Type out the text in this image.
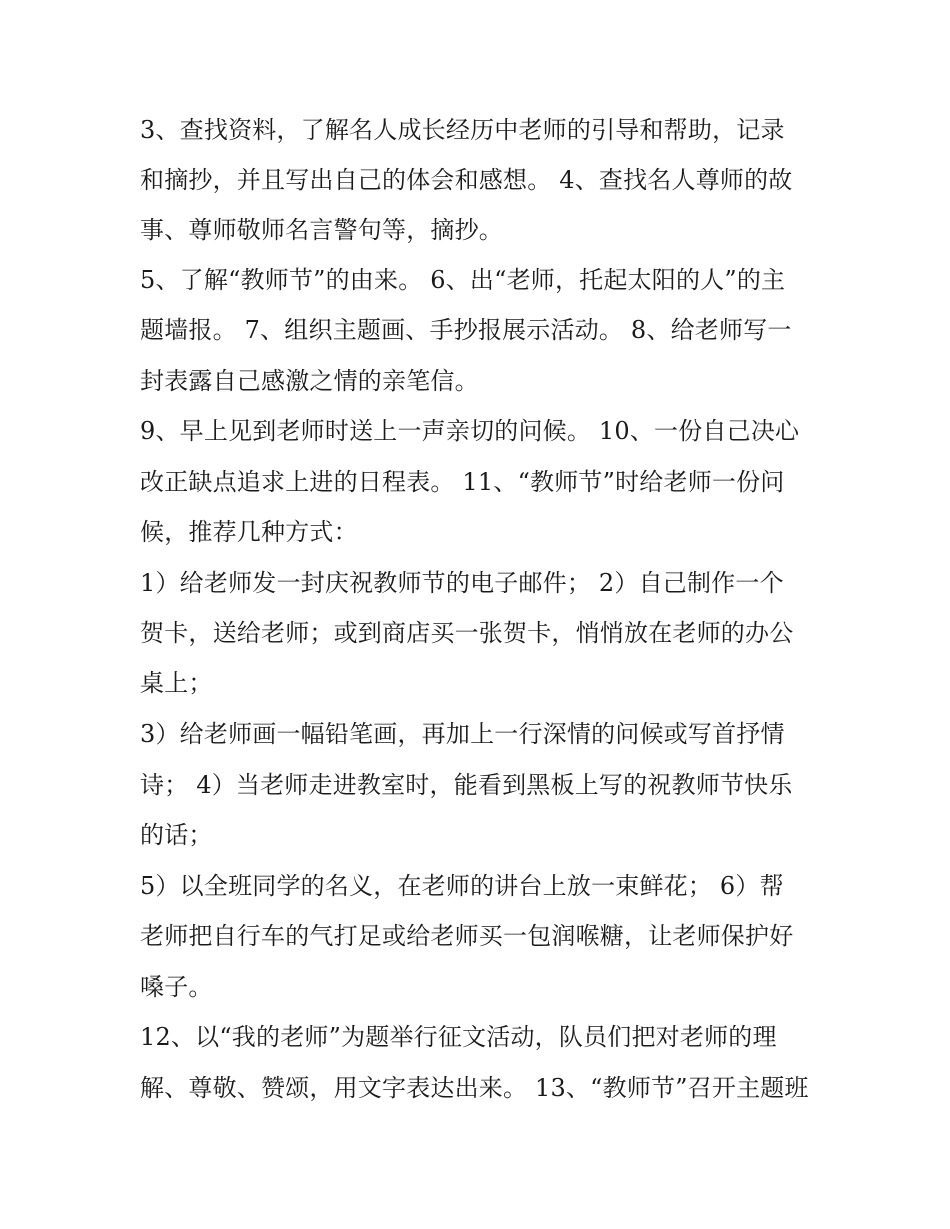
3、查找资料，了解名人成长经历中老师的引导和帮助，记录
和摘抄，并且写出自己的体会和感想。 4、查找名人尊师的故
事、尊师敬师名言警句等，摘抄。
5、了解“教师节”的由来。 6、出“老师，托起太阳的人”的主
题墙报。 7、组织主题画、手抄报展示活动。 8、给老师写一
封表露自己感激之情的亲笔信。
9、早上见到老师时送上一声亲切的问候。 10、一份自己决心
改正缺点追求上进的日程表。 11、“教师节”时给老师一份问
候，推荐几种方式：
1）给老师发一封庆祝教师节的电子邮件； 2）自己制作一个
贺卡，送给老师；或到商店买一张贺卡，悄悄放在老师的办公
桌上；
3）给老师画一幅铅笔画，再加上一行深情的问候或写首抒情
诗； 4）当老师走进教室时，能看到黑板上写的祝教师节快乐
的话；
5）以全班同学的名义，在老师的讲台上放一束鲜花； 6）帮
老师把自行车的气打足或给老师买一包润喉糖，让老师保护好
嗓子。
12、以“我的老师”为题举行征文活动，队员们把对老师的理
解、尊敬、赞颂，用文字表达出来。 13、“教师节”召开主题班
